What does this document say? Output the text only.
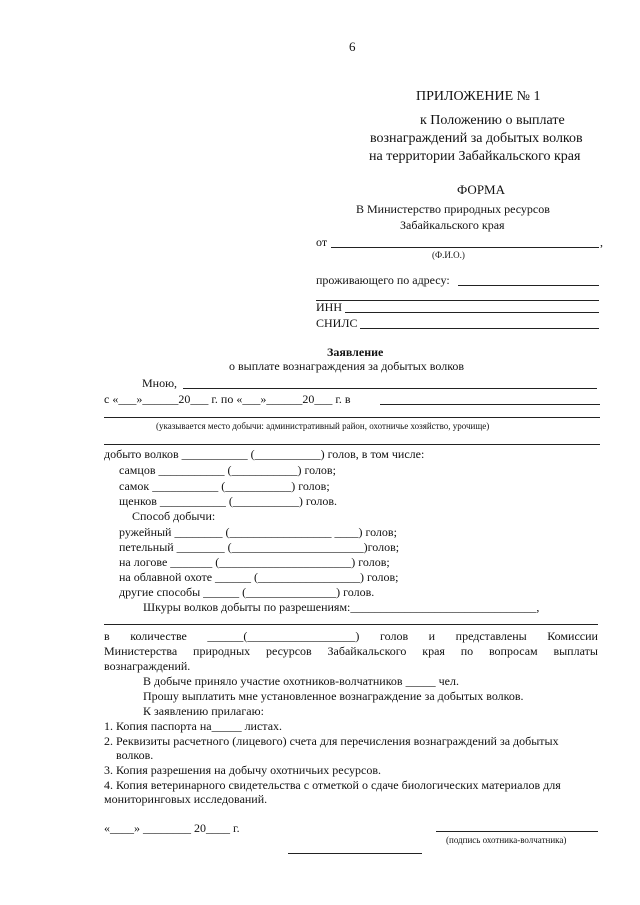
6
ПРИЛОЖЕНИЕ № 1
к Положению о выплате
вознаграждений за добытых волков
на территории Забайкальского края
ФОРМА
В Министерство природных ресурсов
Забайкальского края
от	,
(Ф.И.О.)
проживающего по адресу:
ИНН
СНИЛС
Заявление
о выплате вознаграждения за добытых волков
Мною,
с «___»______20___ г. по «___»______20___ г. в
(указывается место добычи: административный район, охотничье хозяйство, урочище)
добыто волков ___________ (___________) голов, в том числе:
самцов ___________ (___________) голов;
самок ___________ (___________) голов;
щенков ___________ (___________) голов.
Способ добычи:
ружейный ________ (_________________ ____) голов;
петельный ________ (______________________)голов;
на логове _______ (______________________) голов;
на облавной охоте ______ (_________________) голов;
другие способы ______ (_______________) голов.
Шкуры волков добыты по разрешениям:_______________________________,
в количестве ______(__________________) голов и представлены Комиссии
Министерства природных ресурсов Забайкальского края по вопросам выплаты
вознаграждений.
В добыче приняло участие охотников-волчатников _____ чел.
Прошу выплатить мне установленное вознаграждение за добытых волков.
К заявлению прилагаю:
1. Копия паспорта на_____ листах.
2. Реквизиты расчетного (лицевого) счета для перечисления вознаграждений за добытых
волков.
3. Копия разрешения на добычу охотничьих ресурсов.
4. Копия ветеринарного свидетельства с отметкой о сдаче биологических материалов для
мониторинговых исследований.
«____» ________ 20____ г.
(подпись охотника-волчатника)
